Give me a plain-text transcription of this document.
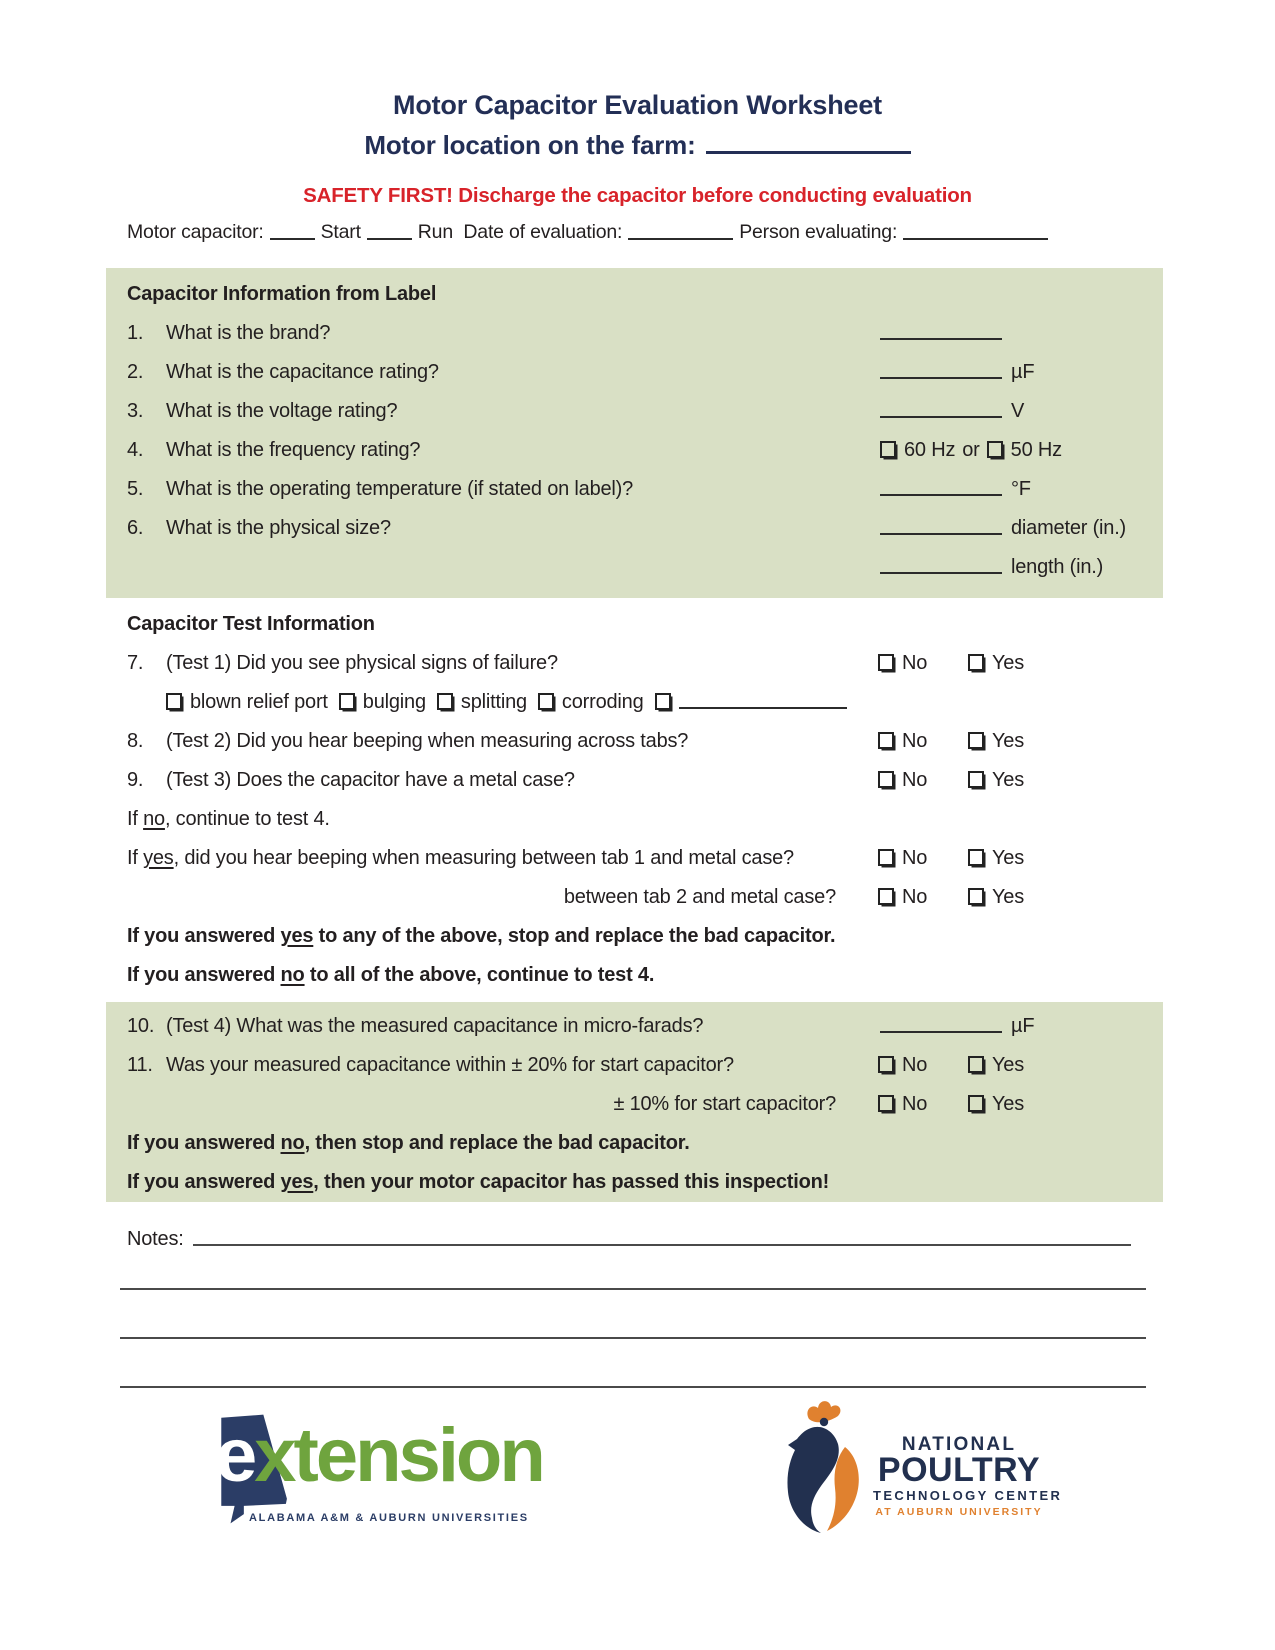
Motor Capacitor Evaluation Worksheet
Motor location on the farm:
SAFETY FIRST! Discharge the capacitor before conducting evaluation
Motor capacitor:	Start	Run Date of evaluation:	Person evaluating:
Capacitor Information from Label
1. What is the brand?
2. What is the capacitance rating?	µF
3. What is the voltage rating?	V
4. What is the frequency rating?	60 Hz or 50 Hz
5. What is the operating temperature (if stated on label)?	°F
6. What is the physical size?	diameter (in.)
length (in.)
Capacitor Test Information
7. (Test 1) Did you see physical signs of failure?	No	Yes
blown relief port bulging splitting corroding
8. (Test 2) Did you hear beeping when measuring across tabs?	No	Yes
9. (Test 3) Does the capacitor have a metal case?	No	Yes
If no, continue to test 4.
If yes, did you hear beeping when measuring between tab 1 and metal case?	No	Yes
between tab 2 and metal case?	No	Yes
If you answered yes to any of the above, stop and replace the bad capacitor.
If you answered no to all of the above, continue to test 4.
10. (Test 4) What was the measured capacitance in micro-farads?	µF
11. Was your measured capacitance within ± 20% for start capacitor?	No	Yes
± 10% for start capacitor?	No	Yes
If you answered no, then stop and replace the bad capacitor.
If you answered yes, then your motor capacitor has passed this inspection!
Notes:
extension
ALABAMA A&M & AUBURN UNIVERSITIES
NATIONAL
POULTRY
TECHNOLOGY CENTER
AT AUBURN UNIVERSITY
